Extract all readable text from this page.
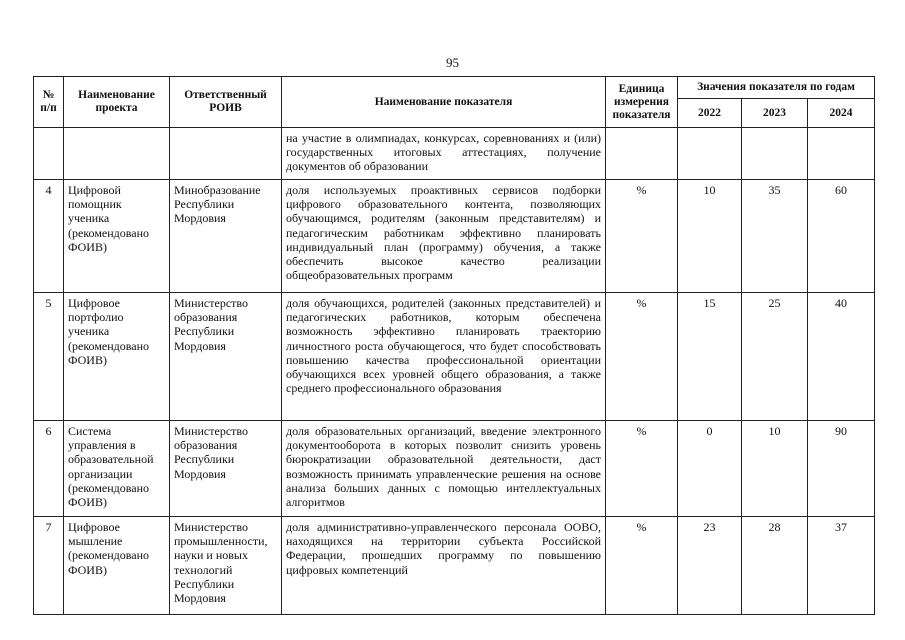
95
№ п/п	Наименование проекта	Ответственный РОИВ	Наименование показателя	Единица измерения показателя	Значения показателя по годам		
					2022	2023	2024
			на участие в олимпиадах, конкурсах, соревнованиях и (или) государственных итоговых аттестациях, получение документов об образовании				
4	Цифровой помощник ученика (рекомендовано ФОИВ)	Минобразование Республики Мордовия	доля используемых проактивных сервисов подборки цифрового образовательного контента, позволяющих обучающимся, родителям (законным представителям) и педагогическим работникам эффективно планировать индивидуальный план (программу) обучения, а также обеспечить высокое качество реализации общеобразовательных программ	%	10	35	60
5	Цифровое портфолио ученика (рекомендовано ФОИВ)	Министерство образования Республики Мордовия	доля обучающихся, родителей (законных представителей) и педагогических работников, которым обеспечена возможность эффективно планировать траекторию личностного роста обучающегося, что будет способствовать повышению качества профессиональной ориентации обучающихся всех уровней общего образования, а также среднего профессионального образования	%	15	25	40
6	Система управления в образовательной организации (рекомендовано ФОИВ)	Министерство образования Республики Мордовия	доля образовательных организаций, введение электронного документооборота в которых позволит снизить уровень бюрократизации образовательной деятельности, даст возможность принимать управленческие решения на основе анализа больших данных с помощью интеллектуальных алгоритмов	%	0	10	90
7	Цифровое мышление (рекомендовано ФОИВ)	Министерство промышленности, науки и новых технологий Республики Мордовия	доля административно-управленческого персонала ООВО, находящихся на территории субъекта Российской Федерации, прошедших программу по повышению цифровых компетенций	%	23	28	37
